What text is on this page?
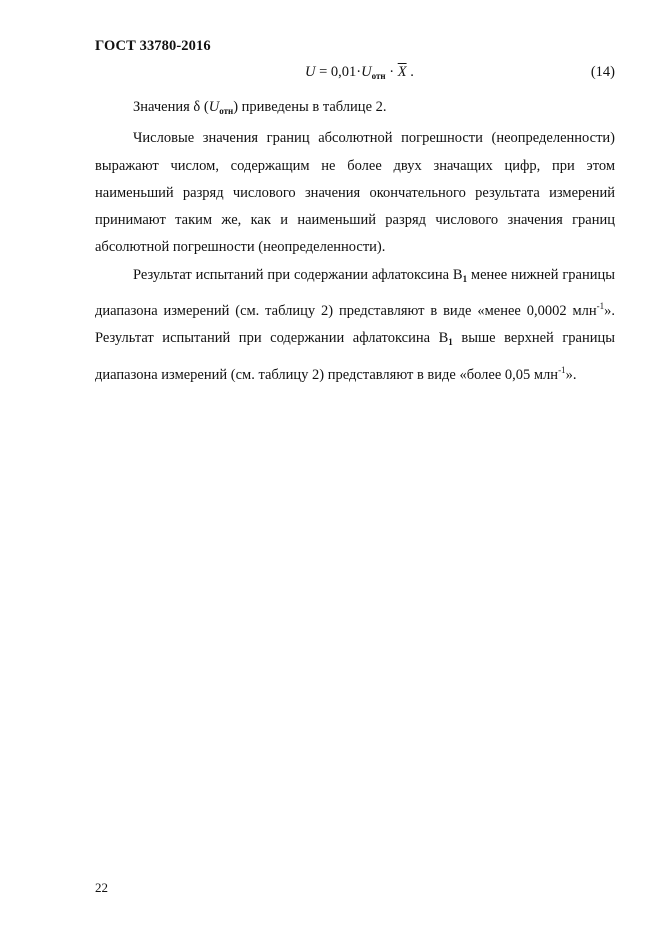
ГОСТ 33780-2016
$U = 0,01\cdot U_{отн} \cdot \overline{X}$ .	(14)

Значения δ $(U_{отн})$ приведены в таблице 2.

Числовые значения границ абсолютной погрешности (неопределенности) выражают числом, содержащим не более двух значащих цифр, при этом наименьший разряд числового значения окончательного результата измерений принимают таким же, как и наименьший разряд числового значения границ абсолютной погрешности (неопределенности).

Результат испытаний при содержании афлатоксина $В_1$ менее нижней границы диапазона измерений (см. таблицу 2) представляют в виде «менее 0,0002 млн$^{-1}$». Результат испытаний при содержании афлатоксина $В_1$ выше верхней границы диапазона измерений (см. таблицу 2) представляют в виде «более 0,05 млн$^{-1}$».

22
